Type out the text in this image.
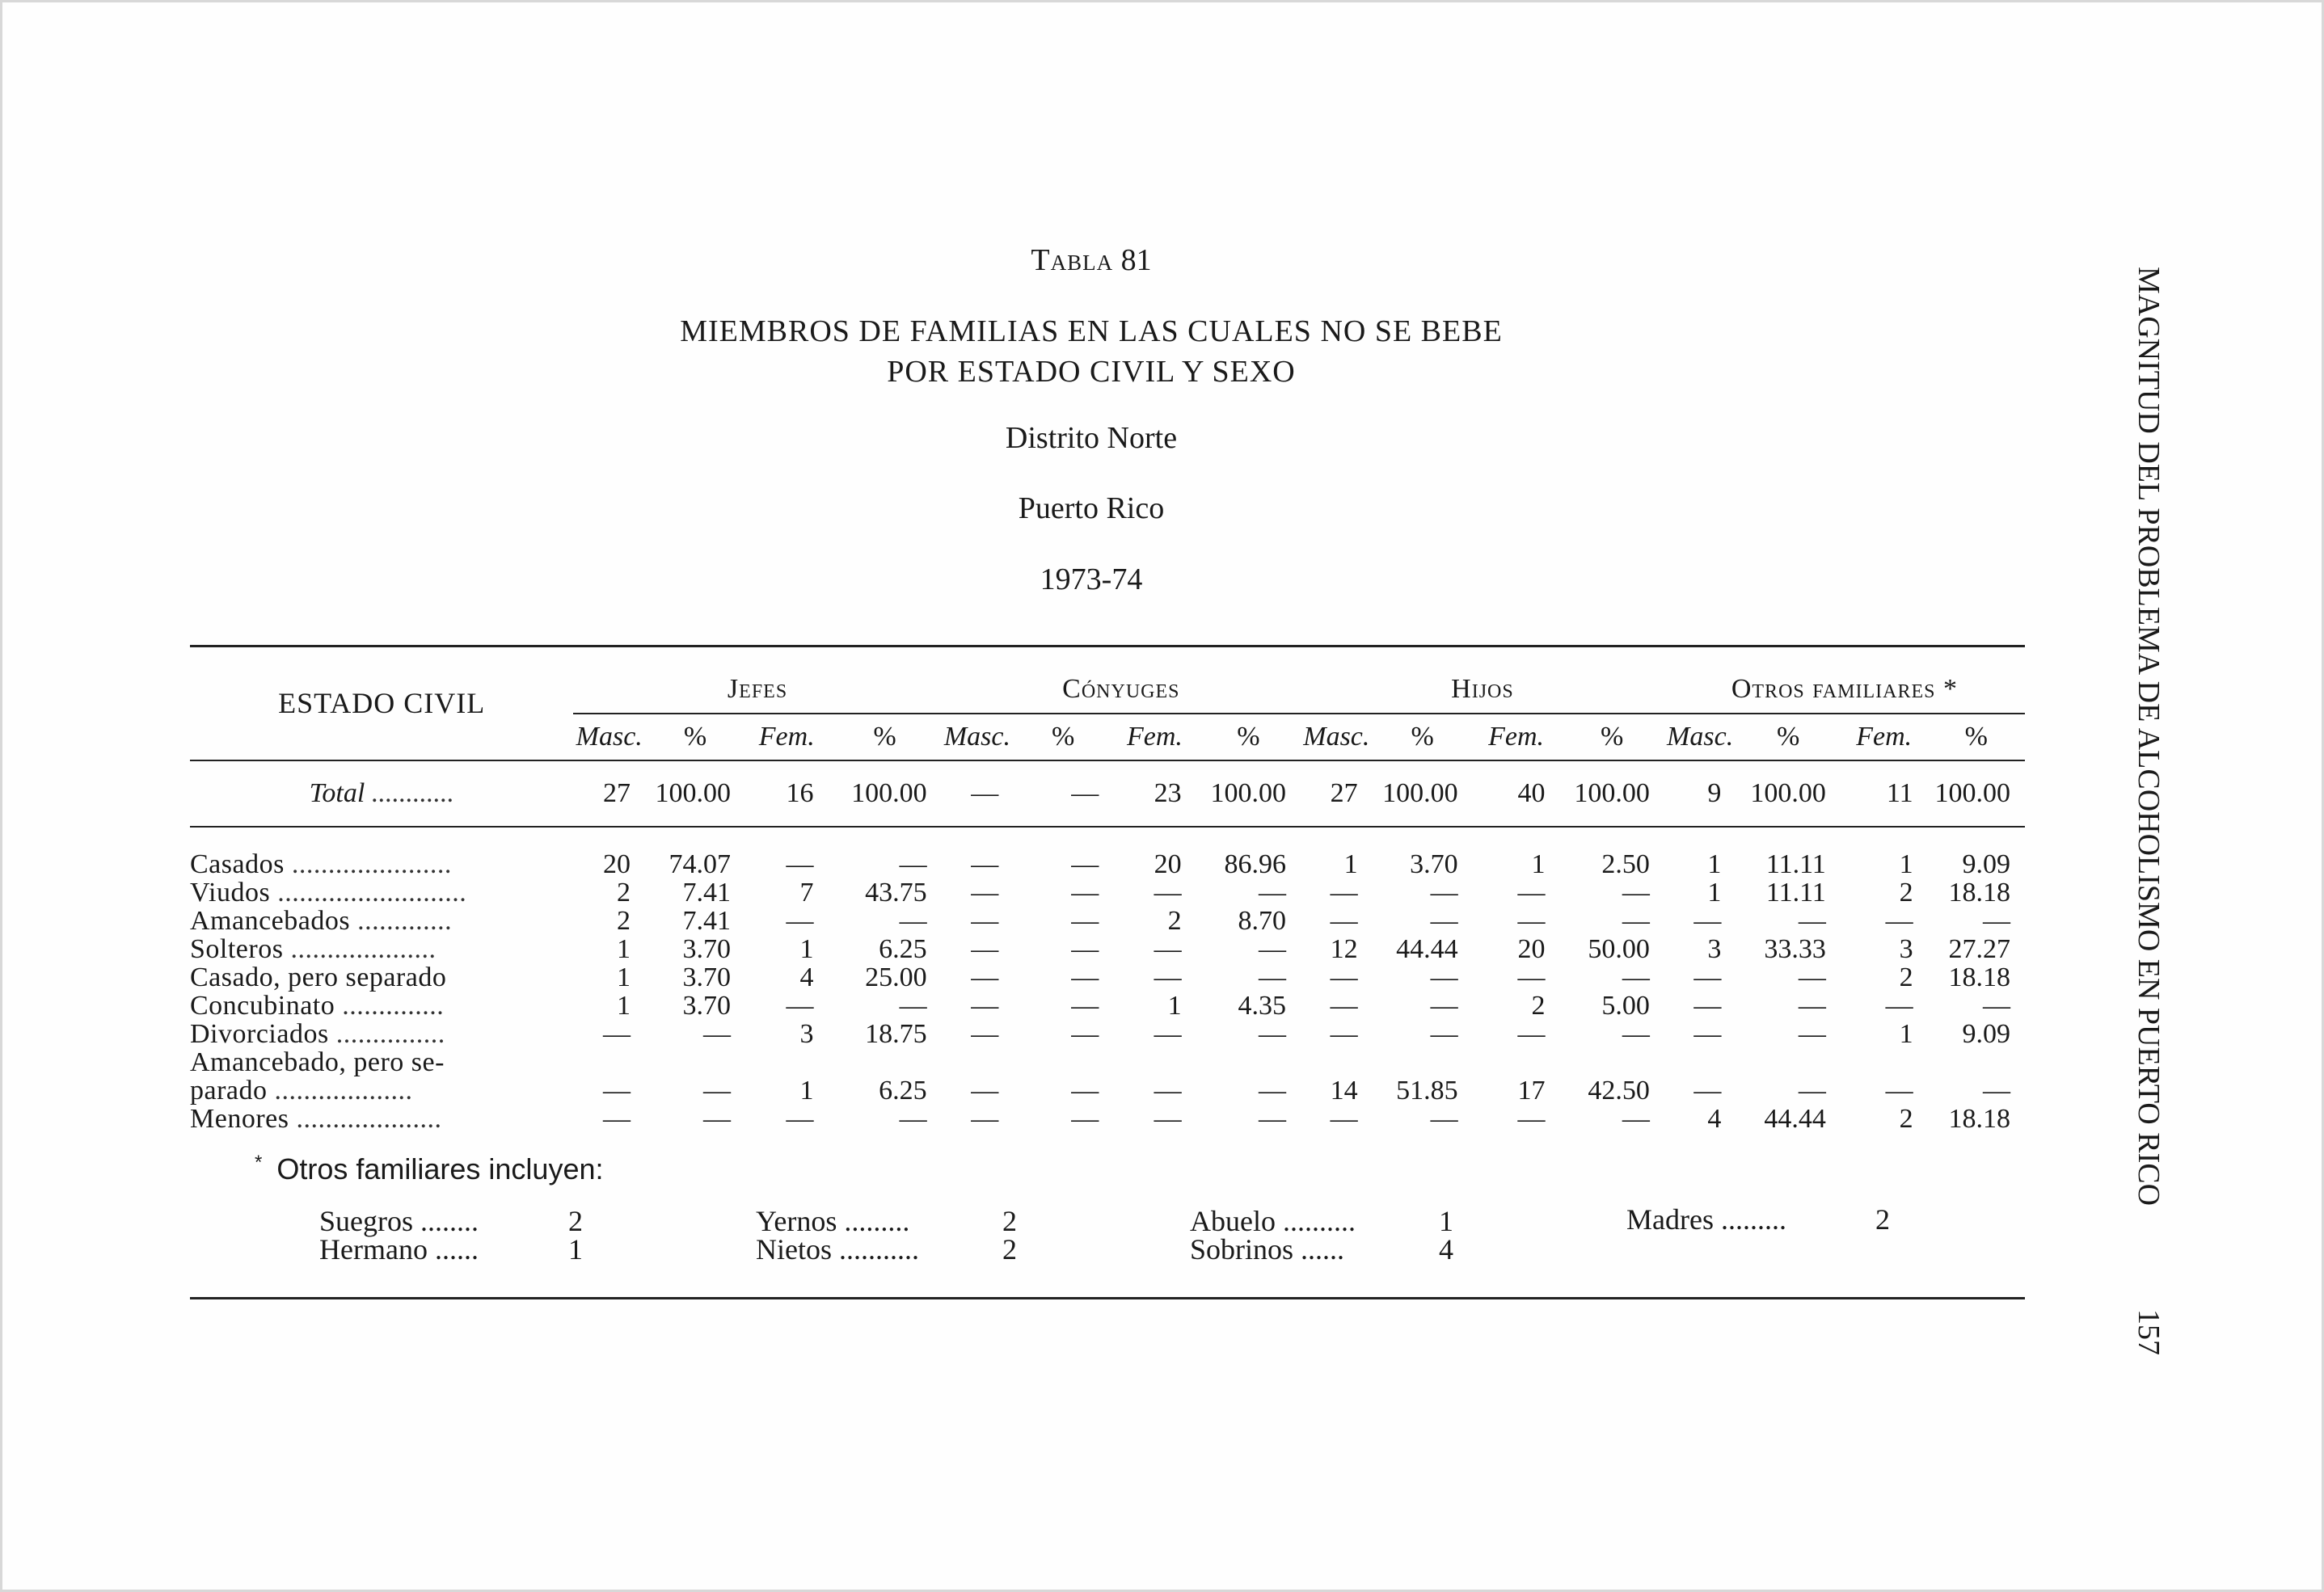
Tabla 81
MIEMBROS DE FAMILIAS EN LAS CUALES NO SE BEBE
POR ESTADO CIVIL Y SEXO
Distrito Norte
Puerto Rico
1973-74
ESTADO CIVIL	Jefes				Cónyuges				Hijos				Otros familiares *			
	Masc.	%	Fem.	%	Masc.	%	Fem.	%	Masc.	%	Fem.	%	Masc.	%	Fem.	%
Total ............	27	100.00	16	100.00	—	—	23	100.00	27	100.00	40	100.00	9	100.00	11	100.00

Casados ......................	20	74.07	—	—	—	—	20	86.96	1	3.70	1	2.50	1	11.11	1	9.09
Viudos ..........................	2	7.41	7	43.75	—	—	—	—	—	—	—	—	1	11.11	2	18.18
Amancebados .............	2	7.41	—	—	—	—	2	8.70	—	—	—	—	—	—	—	—
Solteros ....................	1	3.70	1	6.25	—	—	—	—	12	44.44	20	50.00	3	33.33	3	27.27
Casado, pero separado	1	3.70	4	25.00	—	—	—	—	—	—	—	—	—	—	2	18.18
Concubinato ..............	1	3.70	—	—	—	—	1	4.35	—	—	2	5.00	—	—	—	—
Divorciados ...............	—	—	3	18.75	—	—	—	—	—	—	—	—	—	—	1	9.09
Amancebado, pero se-																
parado ...................	—	—	1	6.25	—	—	—	—	14	51.85	17	42.50	—	—	—	—
Menores ....................	—	—	—	—	—	—	—	—	—	—	—	—	4	44.44	2	18.18
* Otros familiares incluyen:
Suegros ........	2
Hermano ......	1
Yernos .........	2
Nietos ...........	2
Abuelo ..........	1
Sobrinos ......	4
Madres .........	2
MAGNITUD DEL PROBLEMA DE ALCOHOLISMO EN PUERTO RICO
157
